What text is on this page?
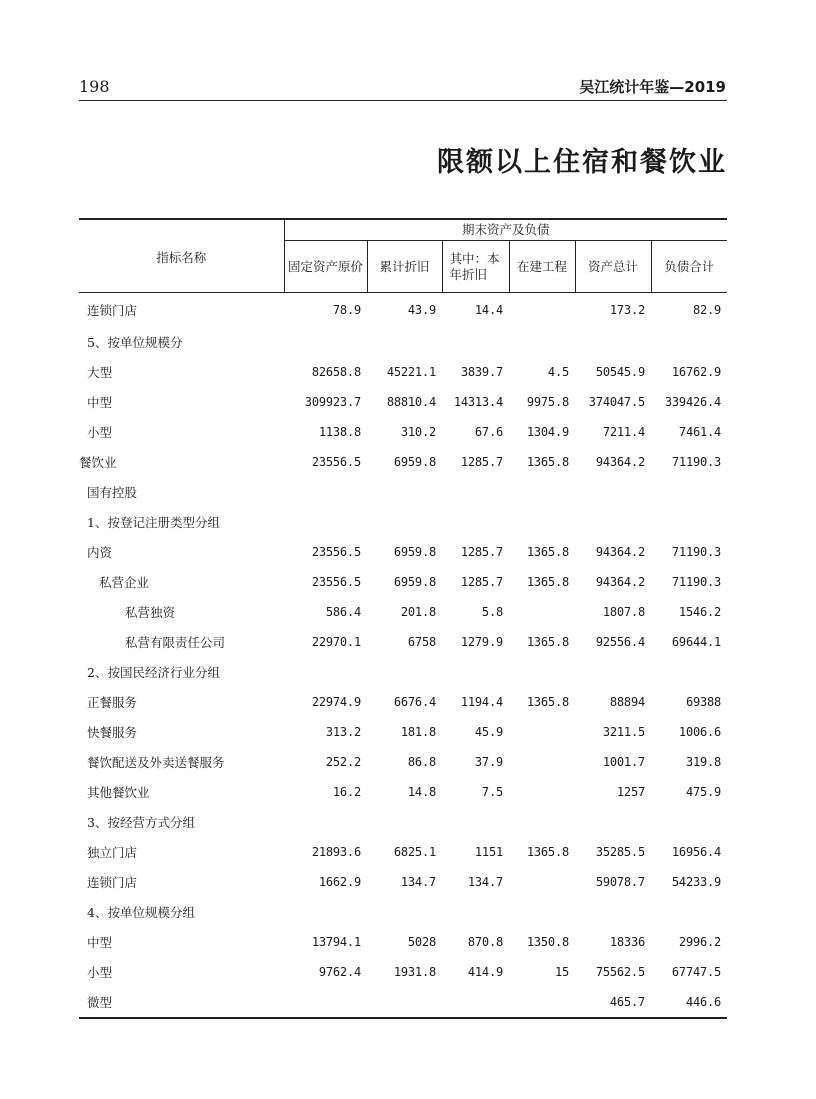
198	吴江统计年鉴—2019
限额以上住宿和餐饮业
指标名称	期末资产及负债					
	固定资产原价	累计折旧	其中：本年折旧	在建工程	资产总计	负债合计
连锁门店	78.9	43.9	14.4		173.2	82.9
5、按单位规模分						
大型	82658.8	45221.1	3839.7	4.5	50545.9	16762.9
中型	309923.7	88810.4	14313.4	9975.8	374047.5	339426.4
小型	1138.8	310.2	67.6	1304.9	7211.4	7461.4
餐饮业	23556.5	6959.8	1285.7	1365.8	94364.2	71190.3
国有控股						
1、按登记注册类型分组						
内资	23556.5	6959.8	1285.7	1365.8	94364.2	71190.3
私营企业	23556.5	6959.8	1285.7	1365.8	94364.2	71190.3
私营独资	586.4	201.8	5.8		1807.8	1546.2
私营有限责任公司	22970.1	6758	1279.9	1365.8	92556.4	69644.1
2、按国民经济行业分组						
正餐服务	22974.9	6676.4	1194.4	1365.8	88894	69388
快餐服务	313.2	181.8	45.9		3211.5	1006.6
餐饮配送及外卖送餐服务	252.2	86.8	37.9		1001.7	319.8
其他餐饮业	16.2	14.8	7.5		1257	475.9
3、按经营方式分组						
独立门店	21893.6	6825.1	1151	1365.8	35285.5	16956.4
连锁门店	1662.9	134.7	134.7		59078.7	54233.9
4、按单位规模分组						
中型	13794.1	5028	870.8	1350.8	18336	2996.2
小型	9762.4	1931.8	414.9	15	75562.5	67747.5
微型					465.7	446.6
